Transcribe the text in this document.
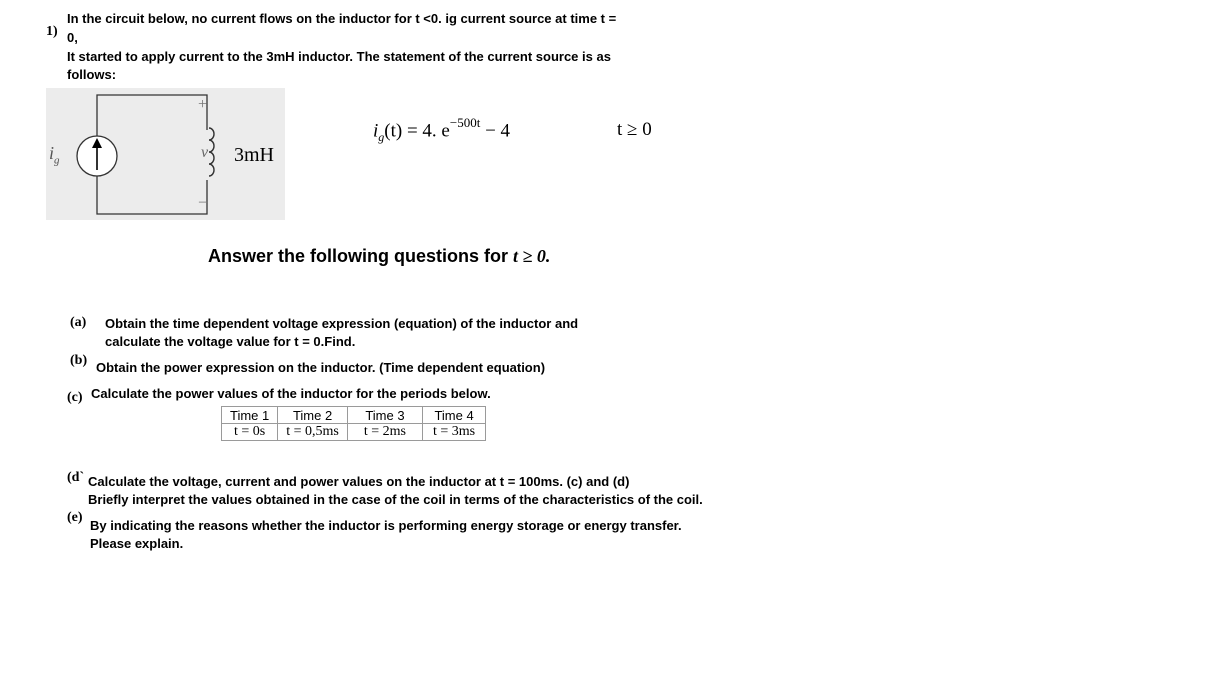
1)
In the circuit below, no current flows on the inductor for t <0. ig current source at time t =
0,
It started to apply current to the 3mH inductor. The statement of the current source is as
follows:
+
–
v 3mH
$i_g$
$i_g(t) = 4$. $e^{-500t} - 4$	t ≥ 0
Answer the following questions for t ≥ 0.
(a) Obtain the time dependent voltage expression (equation) of the inductor and
calculate the voltage value for t = 0.Find.
(b) Obtain the power expression on the inductor. (Time dependent equation)
(c) Calculate the power values of the inductor for the periods below.
Time 1	Time 2	Time 3	Time 4
t = 0s	t = 0,5ms	t = 2ms	t = 3ms
(d` Calculate the voltage, current and power values on the inductor at t = 100ms. (c) and (d)
Briefly interpret the values obtained in the case of the coil in terms of the characteristics of the coil.
(e)
By indicating the reasons whether the inductor is performing energy storage or energy transfer.
Please explain.
